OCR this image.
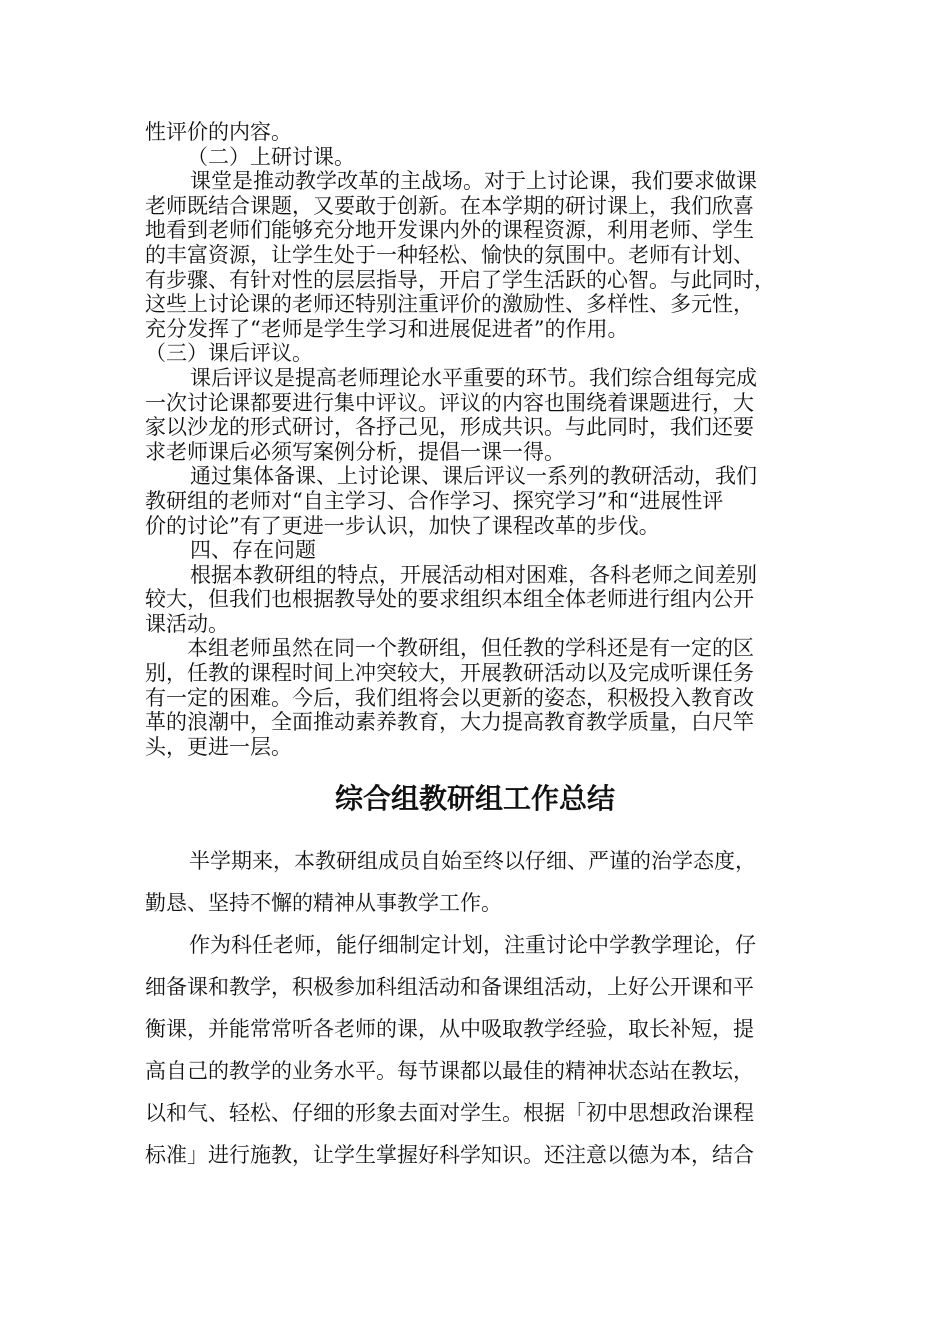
性评价的内容。

（二）上研讨课。

课堂是推动教学改革的主战场。对于上讨论课，我们要求做课

老师既结合课题，又要敢于创新。在本学期的研讨课上，我们欣喜

地看到老师们能够充分地开发课内外的课程资源，利用老师、学生

的丰富资源，让学生处于一种轻松、愉快的氛围中。老师有计划、

有步骤、有针对性的层层指导，开启了学生活跃的心智。与此同时，

这些上讨论课的老师还特别注重评价的激励性、多样性、多元性，

充分发挥了“老师是学生学习和进展促进者”的作用。

（三）课后评议。

课后评议是提高老师理论水平重要的环节。我们综合组每完成

一次讨论课都要进行集中评议。评议的内容也围绕着课题进行，大

家以沙龙的形式研讨，各抒己见，形成共识。与此同时，我们还要

求老师课后必须写案例分析，提倡一课一得。

通过集体备课、上讨论课、课后评议一系列的教研活动，我们

教研组的老师对“自主学习、合作学习、探究学习”和“进展性评

价的讨论”有了更进一步认识，加快了课程改革的步伐。

四、存在问题

根据本教研组的特点，开展活动相对困难，各科老师之间差别

较大，但我们也根据教导处的要求组织本组全体老师进行组内公开

课活动。

本组老师虽然在同一个教研组，但任教的学科还是有一定的区

别，任教的课程时间上冲突较大，开展教研活动以及完成听课任务

有一定的困难。今后，我们组将会以更新的姿态，积极投入教育改

革的浪潮中，全面推动素养教育，大力提高教育教学质量，白尺竿

头，更进一层。

综合组教研组工作总结

半学期来，本教研组成员自始至终以仔细、严谨的治学态度，

勤恳、坚持不懈的精神从事教学工作。

作为科任老师，能仔细制定计划，注重讨论中学教学理论，仔

细备课和教学，积极参加科组活动和备课组活动，上好公开课和平

衡课，并能常常听各老师的课，从中吸取教学经验，取长补短，提

高自己的教学的业务水平。每节课都以最佳的精神状态站在教坛，

以和气、轻松、仔细的形象去面对学生。根据「初中思想政治课程

标准」进行施教，让学生掌握好科学知识。还注意以德为本，结合
